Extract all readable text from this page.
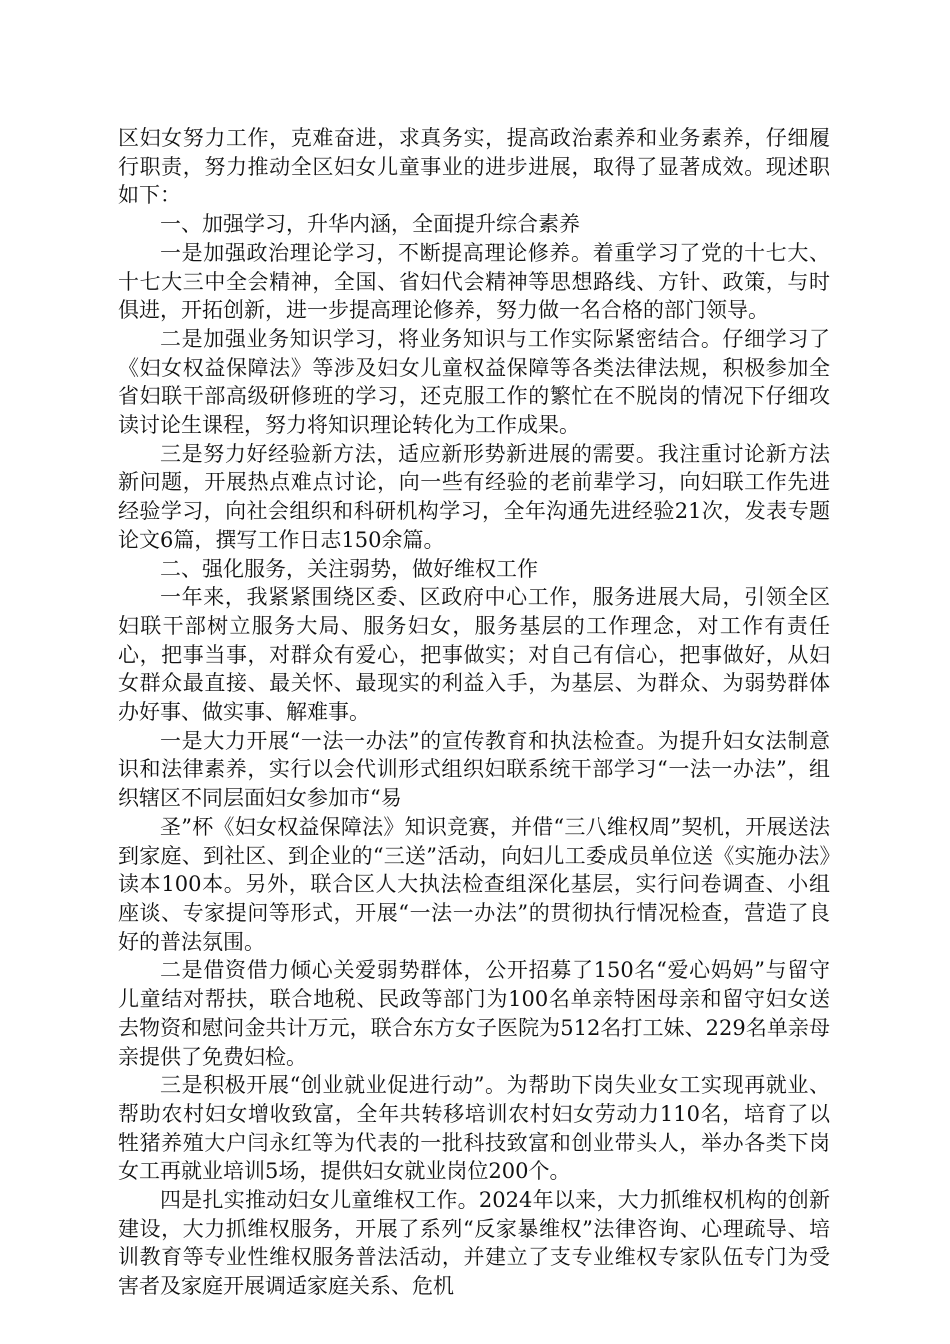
区妇女努力工作，克难奋进，求真务实，提高政治素养和业务素养，仔细履行职责，努力推动全区妇女儿童事业的进步进展，取得了显著成效。现述职如下：

一、加强学习，升华内涵，全面提升综合素养

一是加强政治理论学习，不断提高理论修养。着重学习了党的十七大、十七大三中全会精神，全国、省妇代会精神等思想路线、方针、政策，与时俱进，开拓创新，进一步提高理论修养，努力做一名合格的部门领导。

二是加强业务知识学习，将业务知识与工作实际紧密结合。仔细学习了《妇女权益保障法》等涉及妇女儿童权益保障等各类法律法规，积极参加全省妇联干部高级研修班的学习，还克服工作的繁忙在不脱岗的情况下仔细攻读讨论生课程，努力将知识理论转化为工作成果。

三是努力好经验新方法，适应新形势新进展的需要。我注重讨论新方法新问题，开展热点难点讨论，向一些有经验的老前辈学习，向妇联工作先进经验学习，向社会组织和科研机构学习，全年沟通先进经验21次，发表专题论文6篇，撰写工作日志150余篇。

二、强化服务，关注弱势，做好维权工作

一年来，我紧紧围绕区委、区政府中心工作，服务进展大局，引领全区妇联干部树立服务大局、服务妇女，服务基层的工作理念，对工作有责任心，把事当事，对群众有爱心，把事做实；对自己有信心，把事做好，从妇女群众最直接、最关怀、最现实的利益入手，为基层、为群众、为弱势群体办好事、做实事、解难事。

一是大力开展“一法一办法”的宣传教育和执法检查。为提升妇女法制意识和法律素养，实行以会代训形式组织妇联系统干部学习“一法一办法”，组织辖区不同层面妇女参加市“易

圣”杯《妇女权益保障法》知识竞赛，并借“三八维权周”契机，开展送法到家庭、到社区、到企业的“三送”活动，向妇儿工委成员单位送《实施办法》读本100本。另外，联合区人大执法检查组深化基层，实行问卷调查、小组座谈、专家提问等形式，开展“一法一办法”的贯彻执行情况检查，营造了良好的普法氛围。

二是借资借力倾心关爱弱势群体，公开招募了150名“爱心妈妈”与留守儿童结对帮扶，联合地税、民政等部门为100名单亲特困母亲和留守妇女送去物资和慰问金共计万元，联合东方女子医院为512名打工妹、229名单亲母亲提供了免费妇检。

三是积极开展“创业就业促进行动”。为帮助下岗失业女工实现再就业、帮助农村妇女增收致富，全年共转移培训农村妇女劳动力110名，培育了以牲猪养殖大户闫永红等为代表的一批科技致富和创业带头人，举办各类下岗女工再就业培训5场，提供妇女就业岗位200个。

四是扎实推动妇女儿童维权工作。2024年以来，大力抓维权机构的创新建设，大力抓维权服务，开展了系列“反家暴维权”法律咨询、心理疏导、培训教育等专业性维权服务普法活动，并建立了支专业维权专家队伍专门为受害者及家庭开展调适家庭关系、危机
